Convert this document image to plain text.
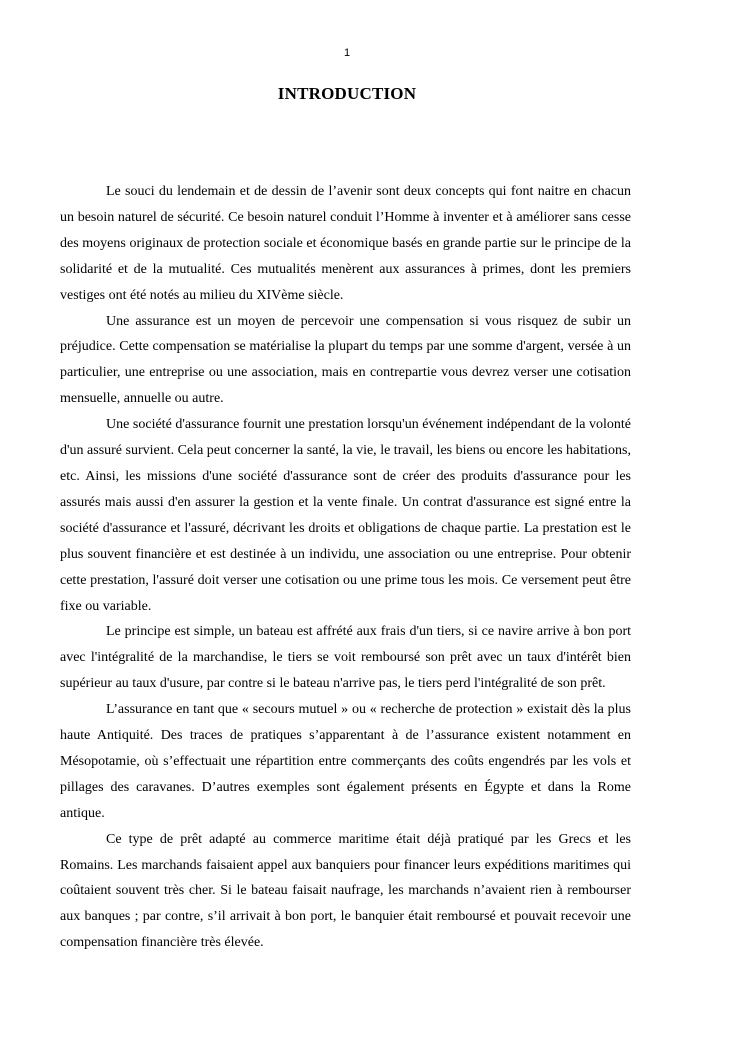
1
INTRODUCTION

Le souci du lendemain et de dessin de l’avenir sont deux concepts qui font naitre en chacun un besoin naturel de sécurité. Ce besoin naturel conduit l’Homme à inventer et à améliorer sans cesse des moyens originaux de protection sociale et économique basés en grande partie sur le principe de la solidarité et de la mutualité. Ces mutualités menèrent aux assurances à primes, dont les premiers vestiges ont été notés au milieu du XIVème siècle.

Une assurance est un moyen de percevoir une compensation si vous risquez de subir un préjudice. Cette compensation se matérialise la plupart du temps par une somme d'argent, versée à un particulier, une entreprise ou une association, mais en contrepartie vous devrez verser une cotisation mensuelle, annuelle ou autre.

Une société d'assurance fournit une prestation lorsqu'un événement indépendant de la volonté d'un assuré survient. Cela peut concerner la santé, la vie, le travail, les biens ou encore les habitations, etc. Ainsi, les missions d'une société d'assurance sont de créer des produits d'assurance pour les assurés mais aussi d'en assurer la gestion et la vente finale. Un contrat d'assurance est signé entre la société d'assurance et l'assuré, décrivant les droits et obligations de chaque partie. La prestation est le plus souvent financière et est destinée à un individu, une association ou une entreprise. Pour obtenir cette prestation, l'assuré doit verser une cotisation ou une prime tous les mois. Ce versement peut être fixe ou variable.

Le principe est simple, un bateau est affrété aux frais d'un tiers, si ce navire arrive à bon port avec l'intégralité de la marchandise, le tiers se voit remboursé son prêt avec un taux d'intérêt bien supérieur au taux d'usure, par contre si le bateau n'arrive pas, le tiers perd l'intégralité de son prêt.

L’assurance en tant que « secours mutuel » ou « recherche de protection » existait dès la plus haute Antiquité. Des traces de pratiques s’apparentant à de l’assurance existent notamment en Mésopotamie, où s’effectuait une répartition entre commerçants des coûts engendrés par les vols et pillages des caravanes. D’autres exemples sont également présents en Égypte et dans la Rome antique.

Ce type de prêt adapté au commerce maritime était déjà pratiqué par les Grecs et les Romains. Les marchands faisaient appel aux banquiers pour financer leurs expéditions maritimes qui coûtaient souvent très cher. Si le bateau faisait naufrage, les marchands n’avaient rien à rembourser aux banques ; par contre, s’il arrivait à bon port, le banquier était remboursé et pouvait recevoir une compensation financière très élevée.
